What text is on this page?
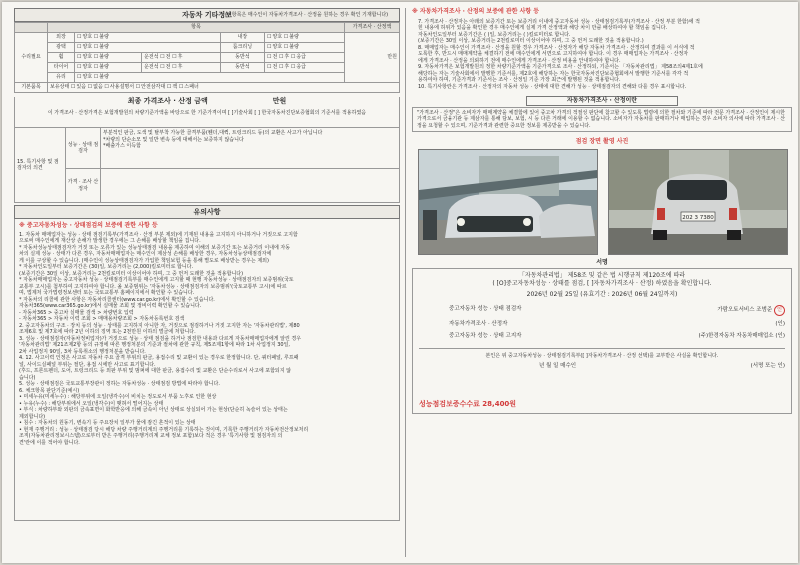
자동차 기타정보
(이항목은 매수인이 자동차가격조사 · 산정을 원하는 경우 확인 기재합니다)
	항목					가격조사 · 산정액
수리필요	외장	☐ 양호 ☐ 불량		내장	☐ 양호 ☐ 불량	만원
	광택	☐ 양호 ☐ 불량		룸크리닝	☐ 양호 ☐ 불량
	휠	☐ 양호 ☐ 불량	운전석 ☐ 전 ☐ 후	동반석	☐ 전 ☐ 후 ☐ 응급
	타이어	☐ 양호 ☐ 불량	운전석 ☐ 전 ☐ 후	동반석	☐ 전 ☐ 후 ☐ 응급
	유리	☐ 양호 ☐ 불량
기본품목	보유상태 ☐ 있음 ☐ 없음 ☐ 사용설명서 ☐ 안전삼각대 ☐ 잭 ☐ 스패너
최종 가격조사 · 산정 금액	만원
이 가격조사 · 산정가격은 보험개발원의 차량기준가액을 바탕으로 한 기준가격이며 [ ]기술사회 [ ] 한국자동차진단보증협회의 기준서를 적용하였음
15. 특기사항 및 점검자의 의견
성능 · 상태 점검자
부분적인 판금, 도색 및 탈부착 가능한 골격부품(휀더,대퀵, 트렁크리드 등)의 교환은 사고가 아닙니다
*차량의 단순소모 및 일반 변속 등에 대해서는 보증하지 않습니다
*배출가스 이득함
가격 · 조사 산정자
유의사항
※ 중고자동차성능 · 상태점검의 보증에 관한 사항 등
1. 자동차 매매업자는 성능 · 상태 점검기록부(가격조사 · 산정 부분 제외)에 기재된 내용을 고지하지 아니하거나 거짓으로 고지함
으로써 매수인에게 재산상 손해가 발생한 경우에는 그 손해를 배상할 책임을 집니다.
* 자동차성능상태점검자가 거짓 또는 오류가 있는 성능상태점검 내용을 제공하여 이해의 보증기간 또는 보증거리 이내에 자동
차의 실제 성능 · 상태가 다른 경우, 자동차매매업자는 매수인이 제삼성 손해를 배상한 경우, 자동차성능상태점검자에
게 이를 구상할 수 있습니다. (매수인이 성능상태점검자가 가입한 책임보험 등을 통해 별도로 배상받는 경우는 제외)
* 자동차인도일부터 보증기간은 (30)일, 보증거리는 (2,000)킬로미터로 합니다.
(보증기간은 30일 이상, 보증거리는 2천킬로미터 이상이어야 하며, 그 중 먼저 도래한 것을 적용합니다)
* 자동차매매업자는 중고자동차 성능 · 상태점검기록부를 매수인에게 고지할 때 현행 자동차성능 · 상태점검자의 보증범위(국토
교통부 고시)를 첨부하여 고지하여야 합니다. 올 보증범위는 '자동차성능 · 상태점검자의 보증범위'(국토교통부 고시)에 따르
며, 법제처 국가법령정보센터 또는 국토교통부 홈페이지에서 확인할 수 있습니다.
* 자동차의 리콜에 관한 사항은 자동차리콜센터(www.car.go.kr)에서 확인할 수 있습니다.
자동차365(www.car365.go.kr)에서 실매물 조회 및 정비이력 확인할 수 있습니다.
- 자동차365 > 중고차 실매물 검색 > 차량번호 입력
- 자동차365 > 자동차 이력 조회 > 매매용차량조회 > 자동차등록번호 검색
2. 중고자동차의 구조 · 장치 등의 성능 · 상태를 고지하지 아니한 자, 거짓으로 점검하거나 거짓 고지한 자는 '자동차관리법', 제80
조제6호 및 제7호에 따라 2년 이하의 징역 또는 2천만원 이하의 벌금에 처합니다.
3. 성능 · 상태점검자(자동차정비업자)가 거짓으로 성능 · 상태 점검을 하거나 점검한 내용과 다르게 자동차매매업자에게 알린 경우
'자동차관리법' 제21조제2항 등의 규정에 따른 행정처분의 기준과 절차에 관한 규칙, 제5조제1항에 따라 1차 사업정지 30일,
2차 사업정지 90일, 3차 등록취소의 행정처분을 받습니다.
4. 12. 사고이력 인정은 사고로 자동차 주요 골격 부위의 판금, 용접수리 및 교환이 있는 경우로 한정합니다. 단, 쿼터패널, 루프패
널, 사이드실패널 부위는 절단, 용접 시에만 사고로 표기합니다.
(후드, 프론트펜더, 도어, 트렁크리드 등 외판 부위 및 범퍼에 대한 판금, 용접수리 및 교환은 단순수리로서 사고에 포함되지 않
습니다)
5. 성능 · 상태점검은 국토교통부장관이 정하는 자동차성능 · 상태점검 방법에 따라야 합니다.
6. 체크항목 판단기준(예시)
• 미세누유(미세누수) : 해당부위에 오일(냉각수)이 비치는 정도로서 부품 노후로 인한 현상
• 누유(누수) : 해당부위에서 오일(냉각수)이 맺혀서 떨어지는 상태
• 부식 : 차량하부와 외판의 금속표면이 화학반응에 의해 금속이 아닌 상태로 상실되어 가는 현상(단순히 녹슬어 있는 상태는
제외합니다)
• 침수 : 자동차의 원동기, 변속기 등 주요장치 일부가 물에 잠긴 흔적이 있는 상태
• 현재 주행거리 : 성능 · 상태점검 당시 해당 차량 주행거리계의 주행거리를 기록하는 것이며, 기록한 주행거리가 자동차전산정보처리
조직(자동차관리정보시스템)으로부터 받은 주행거리(주행거리계 교체 정보 포함)보다 적은 경우 '특기사항 및 점검자의 의
견'란에 이를 적어야 합니다.
※ 자동차가격조사 · 산정의 보증에 관한 사항 등
7. 가격조사 · 산정자는 아래의 보증기간 또는 보증거리 이내에 중고자동차 성능 · 상태점검기록부(가격조사 · 산정 부분 한함)에 적
힌 내용에 허위가 있음을 확인한 경우 매수인에게 실제 가격 산정액과 해당 차이 만큼 배상하여야 할 책임을 집니다.
자동차인도일부터 보증기간은 ( )일, 보증거리는 ( )킬로미터로 합니다.
(보증기간은 30일 이상, 보증거리는 2천킬로미터 이상이어야 하며, 그 중 먼저 도래한 것을 적용합니다.)
8. 매매업자는 매수인이 가격조사 · 산정을 원할 경우 가격조사 · 산정자가 해당 자동차 가격조사 · 산정하여 결과를 이 서식에 적
도록한 후, 반드시 매매계약을 체결하기 전에 매수인에게 서면으로 고지하여야 합니다. 이 경우 매매업자는 가격조사 · 산정자
에게 가격조사 · 산정을 의뢰하기 전에 매수인에게 가격조사 · 산정 비용을 안내하여야 합니다.
9. 자동차가격은 보험개발원의 정한 차량기준가액을 기준가격으로 조사 · 산정하되, 기준서는 「자동차관리법」 제58조의4제1호에
해당하는 자는 기술사회에서 발행한 기준서를, 제2호에 해당하는 자는 한국자동차진단보증협회에서 발행한 기준서를 각각 적
용하여야 하며, 기준가격과 기준서는 조사 · 산정일 기준 가장 최근에 발행된 것을 적용합니다.
10. 특기사항란은 가격조사 · 산정자의 자동차 성능 · 상태에 대한 견해가 성능 · 상태점검자의 견해와 다를 경우 표시합니다.
자동차가격조사 · 산정이란
"가격조사 · 산정"은 소비자가 매매계약을 체결함에 있어 중고차 가격의 적절성 판단에 참고할 수 있도록 법령에 의한 절차와 기준에 따라 전문 가격조사 · 산정인이 제시한 가격으로서 금융기관 등 제삼자를 통해 담보, 보험, 시 등 다른 거래에 이용할 수 없습니다. 소비자가 자동차를 판매하거나 매입하는 경우 소비자 의사에 따라 가격조사 · 산정을 요청할 수 있으며, 기준가격과 관련한 중요한 정보를 제공받을 수 있습니다.
점검 장면 촬영 사진
202 3 7380
서명
「자동차관리법」 제58조 및 같은 법 시행규칙 제120조에 따라
( [O]중고자동차성능 · 상태를 점검, [ ]자동차가격조사 · 산정) 하였음을 확인합니다.
2026년 02월 25일 (유효기간 : 2026년 06월 24일까지)
중고자동차 성능 · 상태 점검자	가람오토서비스 조범준 인
자동차가격조사 · 산정자	(인)
중고자동차 성능 · 상태 고지자	(주)한경자동차 자동차매매업소 (인)
본인은 위 중고자동차성능 · 상태점검기록부([ ]자동차가격조사 · 산정 선택)를 교부받은 사실을 확인합니다.
년 월 일 매수인	(서명 또는 인)
성능점검보증수수료 28,400원
